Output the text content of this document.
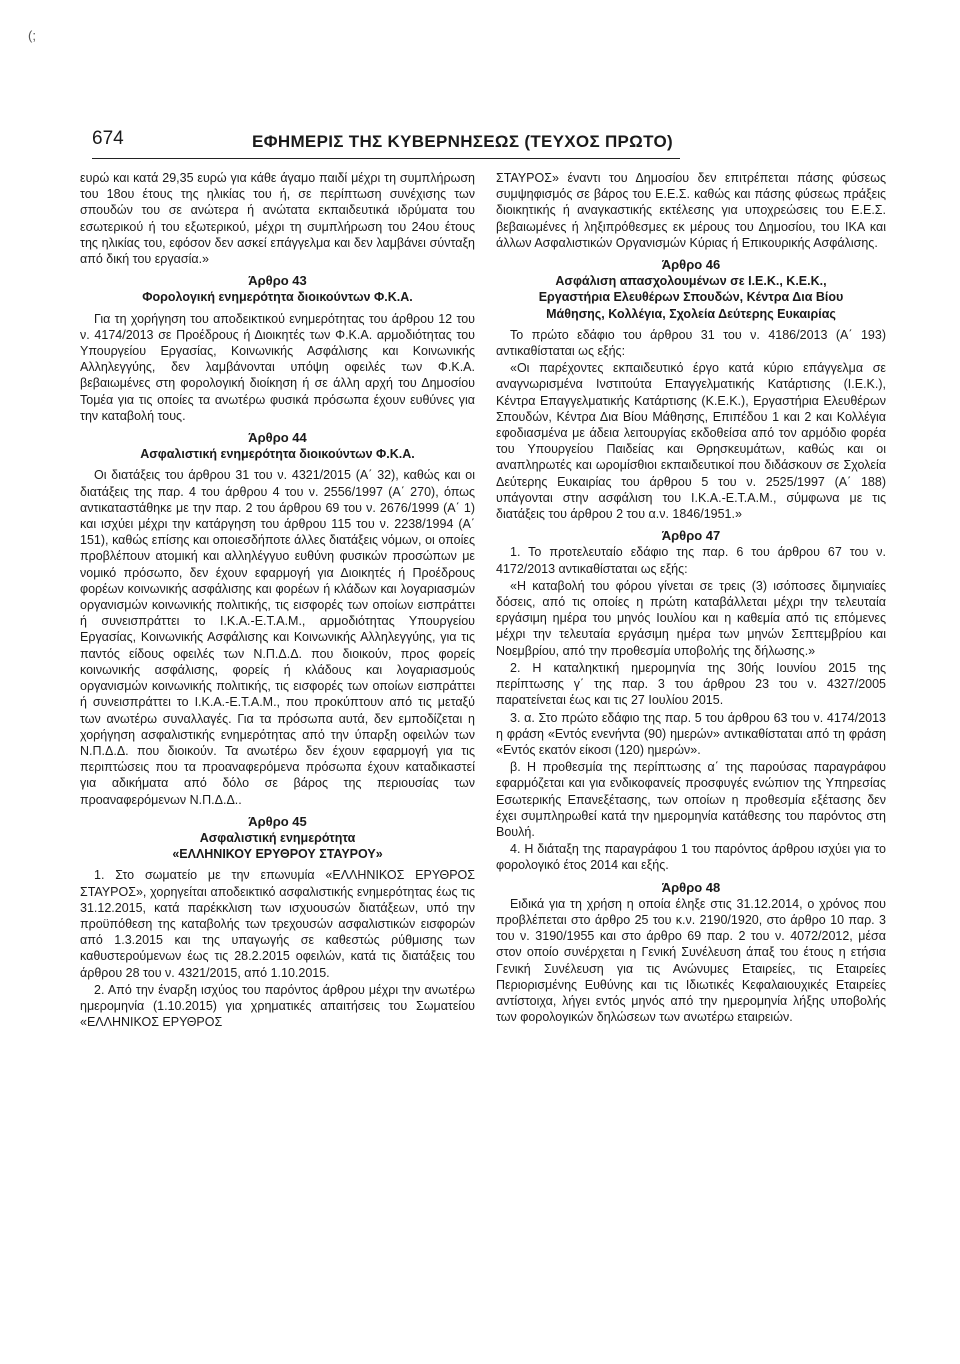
(;
674	ΕΦΗΜΕΡΙΣ ΤΗΣ ΚΥΒΕΡΝΗΣΕΩΣ (ΤΕΥΧΟΣ ΠΡΩΤΟ)

ευρώ και κατά 29,35 ευρώ για κάθε άγαμο παιδί μέχρι τη συμπλήρωση του 18ου έτους της ηλικίας του ή, σε περίπτωση συνέχισης των σπουδών του σε ανώτερα ή ανώτατα εκπαιδευτικά ιδρύματα του εσωτερικού ή του εξωτερικού, μέχρι τη συμπλήρωση του 24ου έτους της ηλικίας του, εφόσον δεν ασκεί επάγγελμα και δεν λαμβάνει σύνταξη από δική του εργασία.»

Άρθρο 43
Φορολογική ενημερότητα διοικούντων Φ.Κ.Α.

Για τη χορήγηση του αποδεικτικού ενημερότητας του άρθρου 12 του ν. 4174/2013 σε Προέδρους ή Διοικητές των Φ.Κ.Α. αρμοδιότητας του Υπουργείου Εργασίας, Κοινωνικής Ασφάλισης και Κοινωνικής Αλληλεγγύης, δεν λαμβάνονται υπόψη οφειλές των Φ.Κ.Α. βεβαιωμένες στη φορολογική διοίκηση ή σε άλλη αρχή του Δημοσίου Τομέα για τις οποίες τα ανωτέρω φυσικά πρόσωπα έχουν ευθύνες για την καταβολή τους.

Άρθρο 44
Ασφαλιστική ενημερότητα διοικούντων Φ.Κ.Α.

Οι διατάξεις του άρθρου 31 του ν. 4321/2015 (Α΄ 32), καθώς και οι διατάξεις της παρ. 4 του άρθρου 4 του ν. 2556/1997 (Α΄ 270), όπως αντικαταστάθηκε με την παρ. 2 του άρθρου 69 του ν. 2676/1999 (Α΄ 1) και ισχύει μέχρι την κατάργηση του άρθρου 115 του ν. 2238/1994 (Α΄ 151), καθώς επίσης και οποιεσδήποτε άλλες διατάξεις νόμων, οι οποίες προβλέπουν ατομική και αλληλέγγυο ευθύνη φυσικών προσώπων με νομικό πρόσωπο, δεν έχουν εφαρμογή για Διοικητές ή Προέδρους φορέων κοινωνικής ασφάλισης και φορέων ή κλάδων και λογαριασμών οργανισμών κοινωνικής πολιτικής, τις εισφορές των οποίων εισπράττει ή συνεισπράττει το Ι.Κ.Α.-Ε.Τ.Α.Μ., αρμοδιότητας Υπουργείου Εργασίας, Κοινωνικής Ασφάλισης και Κοινωνικής Αλληλεγγύης, για τις παντός είδους οφειλές των Ν.Π.Δ.Δ. που διοικούν, προς φορείς κοινωνικής ασφάλισης, φορείς ή κλάδους και λογαριασμούς οργανισμών κοινωνικής πολιτικής, τις εισφορές των οποίων εισπράττει ή συνεισπράττει το Ι.Κ.Α.-Ε.Τ.Α.Μ., που προκύπτουν από τις μεταξύ των ανωτέρω συναλλαγές. Για τα πρόσωπα αυτά, δεν εμποδίζεται η χορήγηση ασφαλιστικής ενημερότητας από την ύπαρξη οφειλών των Ν.Π.Δ.Δ. που διοικούν. Τα ανωτέρω δεν έχουν εφαρμογή για τις περιπτώσεις που τα προαναφερόμενα πρόσωπα έχουν καταδικαστεί για αδικήματα από δόλο σε βάρος της περιουσίας των προαναφερόμενων Ν.Π.Δ.Δ..

Άρθρο 45
Ασφαλιστική ενημερότητα
«ΕΛΛΗΝΙΚΟΥ ΕΡΥΘΡΟΥ ΣΤΑΥΡΟΥ»

1. Στο σωματείο με την επωνυμία «ΕΛΛΗΝΙΚΟΣ ΕΡΥΘΡΟΣ ΣΤΑΥΡΟΣ», χορηγείται αποδεικτικό ασφαλιστικής ενημερότητας έως τις 31.12.2015, κατά παρέκκλιση των ισχυουσών διατάξεων, υπό την προϋπόθεση της καταβολής των τρεχουσών ασφαλιστικών εισφορών από 1.3.2015 και της υπαγωγής σε καθεστώς ρύθμισης των καθυστερούμενων έως τις 28.2.2015 οφειλών, κατά τις διατάξεις του άρθρου 28 του ν. 4321/2015, από 1.10.2015.

2. Από την έναρξη ισχύος του παρόντος άρθρου μέχρι την ανωτέρω ημερομηνία (1.10.2015) για χρηματικές απαιτήσεις του Σωματείου «ΕΛΛΗΝΙΚΟΣ ΕΡΥΘΡΟΣ

ΣΤΑΥΡΟΣ» έναντι του Δημοσίου δεν επιτρέπεται πάσης φύσεως συμψηφισμός σε βάρος του Ε.Ε.Σ. καθώς και πάσης φύσεως πράξεις διοικητικής ή αναγκαστικής εκτέλεσης για υποχρεώσεις του Ε.Ε.Σ. βεβαιωμένες ή ληξιπρόθεσμες εκ μέρους του Δημοσίου, του ΙΚΑ και άλλων Ασφαλιστικών Οργανισμών Κύριας ή Επικουρικής Ασφάλισης.

Άρθρο 46
Ασφάλιση απασχολουμένων σε Ι.Ε.Κ., Κ.Ε.Κ.,
Εργαστήρια Ελευθέρων Σπουδών, Κέντρα Δια Βίου
Μάθησης, Κολλέγια, Σχολεία Δεύτερης Ευκαιρίας

Το πρώτο εδάφιο του άρθρου 31 του ν. 4186/2013 (Α΄ 193) αντικαθίσταται ως εξής:

«Οι παρέχοντες εκπαιδευτικό έργο κατά κύριο επάγγελμα σε αναγνωρισμένα Ινστιτούτα Επαγγελματικής Κατάρτισης (Ι.Ε.Κ.), Κέντρα Επαγγελματικής Κατάρτισης (Κ.Ε.Κ.), Εργαστήρια Ελευθέρων Σπουδών, Κέντρα Δια Βίου Μάθησης, Επιπέδου 1 και 2 και Κολλέγια εφοδιασμένα με άδεια λειτουργίας εκδοθείσα από τον αρμόδιο φορέα του Υπουργείου Παιδείας και Θρησκευμάτων, καθώς και οι αναπληρωτές και ωρομίσθιοι εκπαιδευτικοί που διδάσκουν σε Σχολεία Δεύτερης Ευκαιρίας του άρθρου 5 του ν. 2525/1997 (Α΄ 188) υπάγονται στην ασφάλιση του Ι.Κ.Α.-Ε.Τ.Α.Μ., σύμφωνα με τις διατάξεις του άρθρου 2 του α.ν. 1846/1951.»

Άρθρο 47

1. Το προτελευταίο εδάφιο της παρ. 6 του άρθρου 67 του ν. 4172/2013 αντικαθίσταται ως εξής:

«Η καταβολή του φόρου γίνεται σε τρεις (3) ισόποσες διμηνιαίες δόσεις, από τις οποίες η πρώτη καταβάλλεται μέχρι την τελευταία εργάσιμη ημέρα του μηνός Ιουλίου και η καθεμία από τις επόμενες μέχρι την τελευταία εργάσιμη ημέρα των μηνών Σεπτεμβρίου και Νοεμβρίου, από την προθεσμία υποβολής της δήλωσης.»

2. Η καταληκτική ημερομηνία της 30ής Ιουνίου 2015 της περίπτωσης γ΄ της παρ. 3 του άρθρου 23 του ν. 4327/2005 παρατείνεται έως και τις 27 Ιουλίου 2015.

3. α. Στο πρώτο εδάφιο της παρ. 5 του άρθρου 63 του ν. 4174/2013 η φράση «Εντός ενενήντα (90) ημερών» αντικαθίσταται από τη φράση «Εντός εκατόν είκοσι (120) ημερών».

β. Η προθεσμία της περίπτωσης α΄ της παρούσας παραγράφου εφαρμόζεται και για ενδικοφανείς προσφυγές ενώπιον της Υπηρεσίας Εσωτερικής Επανεξέτασης, των οποίων η προθεσμία εξέτασης δεν έχει συμπληρωθεί κατά την ημερομηνία κατάθεσης του παρόντος στη Βουλή.

4. Η διάταξη της παραγράφου 1 του παρόντος άρθρου ισχύει για το φορολογικό έτος 2014 και εξής.

Άρθρο 48

Ειδικά για τη χρήση η οποία έληξε στις 31.12.2014, ο χρόνος που προβλέπεται στο άρθρο 25 του κ.ν. 2190/1920, στο άρθρο 10 παρ. 3 του ν. 3190/1955 και στο άρθρο 69 παρ. 2 του ν. 4072/2012, μέσα στον οποίο συνέρχεται η Γενική Συνέλευση άπαξ του έτους η ετήσια Γενική Συνέλευση για τις Ανώνυμες Εταιρείες, τις Εταιρείες Περιορισμένης Ευθύνης και τις Ιδιωτικές Κεφαλαιουχικές Εταιρείες αντίστοιχα, λήγει εντός μηνός από την ημερομηνία λήξης υποβολής των φορολογικών δηλώσεων των ανωτέρω εταιρειών.
